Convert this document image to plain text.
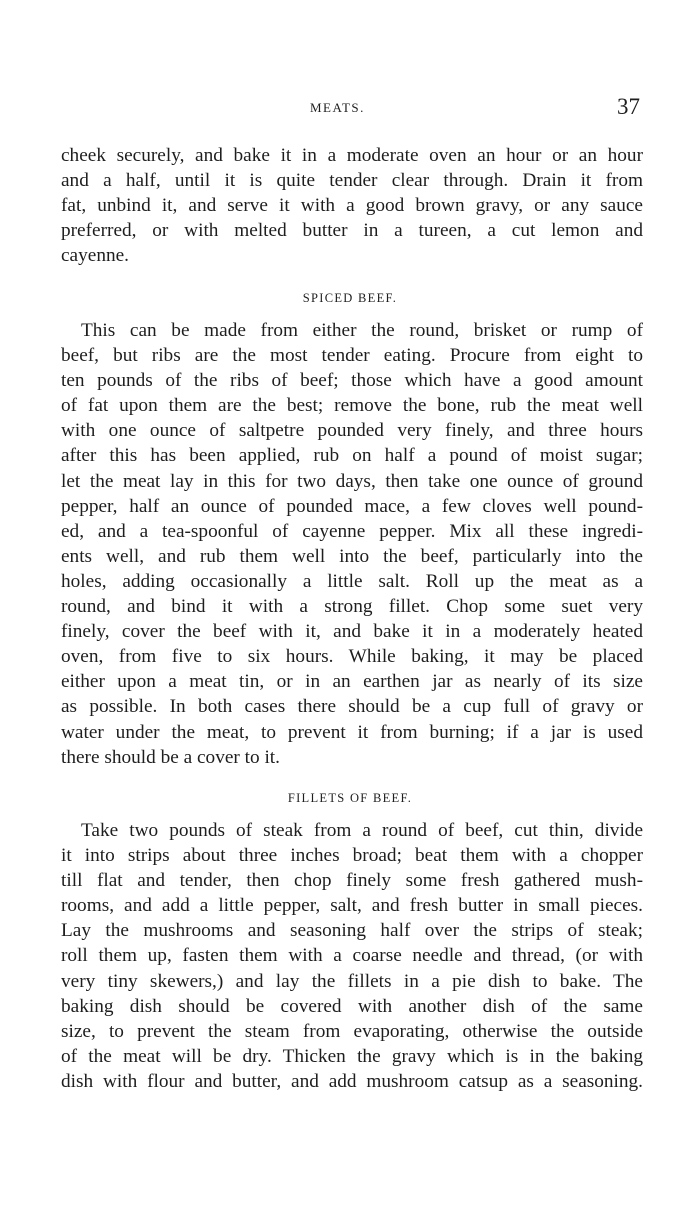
MEATS.	37
cheek securely, and bake it in a moderate oven an hour or an hour
and a half, until it is quite tender clear through. Drain it from
fat, unbind it, and serve it with a good brown gravy, or any sauce
preferred, or with melted butter in a tureen, a cut lemon and
cayenne.
SPICED BEEF.
This can be made from either the round, brisket or rump of
beef, but ribs are the most tender eating. Procure from eight to
ten pounds of the ribs of beef; those which have a good amount
of fat upon them are the best; remove the bone, rub the meat well
with one ounce of saltpetre pounded very finely, and three hours
after this has been applied, rub on half a pound of moist sugar;
let the meat lay in this for two days, then take one ounce of ground
pepper, half an ounce of pounded mace, a few cloves well pound-
ed, and a tea-spoonful of cayenne pepper. Mix all these ingredi-
ents well, and rub them well into the beef, particularly into the
holes, adding occasionally a little salt. Roll up the meat as a
round, and bind it with a strong fillet. Chop some suet very
finely, cover the beef with it, and bake it in a moderately heated
oven, from five to six hours. While baking, it may be placed
either upon a meat tin, or in an earthen jar as nearly of its size
as possible. In both cases there should be a cup full of gravy or
water under the meat, to prevent it from burning; if a jar is used
there should be a cover to it.
FILLETS OF BEEF.
Take two pounds of steak from a round of beef, cut thin, divide
it into strips about three inches broad; beat them with a chopper
till flat and tender, then chop finely some fresh gathered mush-
rooms, and add a little pepper, salt, and fresh butter in small pieces.
Lay the mushrooms and seasoning half over the strips of steak;
roll them up, fasten them with a coarse needle and thread, (or with
very tiny skewers,) and lay the fillets in a pie dish to bake. The
baking dish should be covered with another dish of the same
size, to prevent the steam from evaporating, otherwise the outside
of the meat will be dry. Thicken the gravy which is in the baking
dish with flour and butter, and add mushroom catsup as a seasoning.
